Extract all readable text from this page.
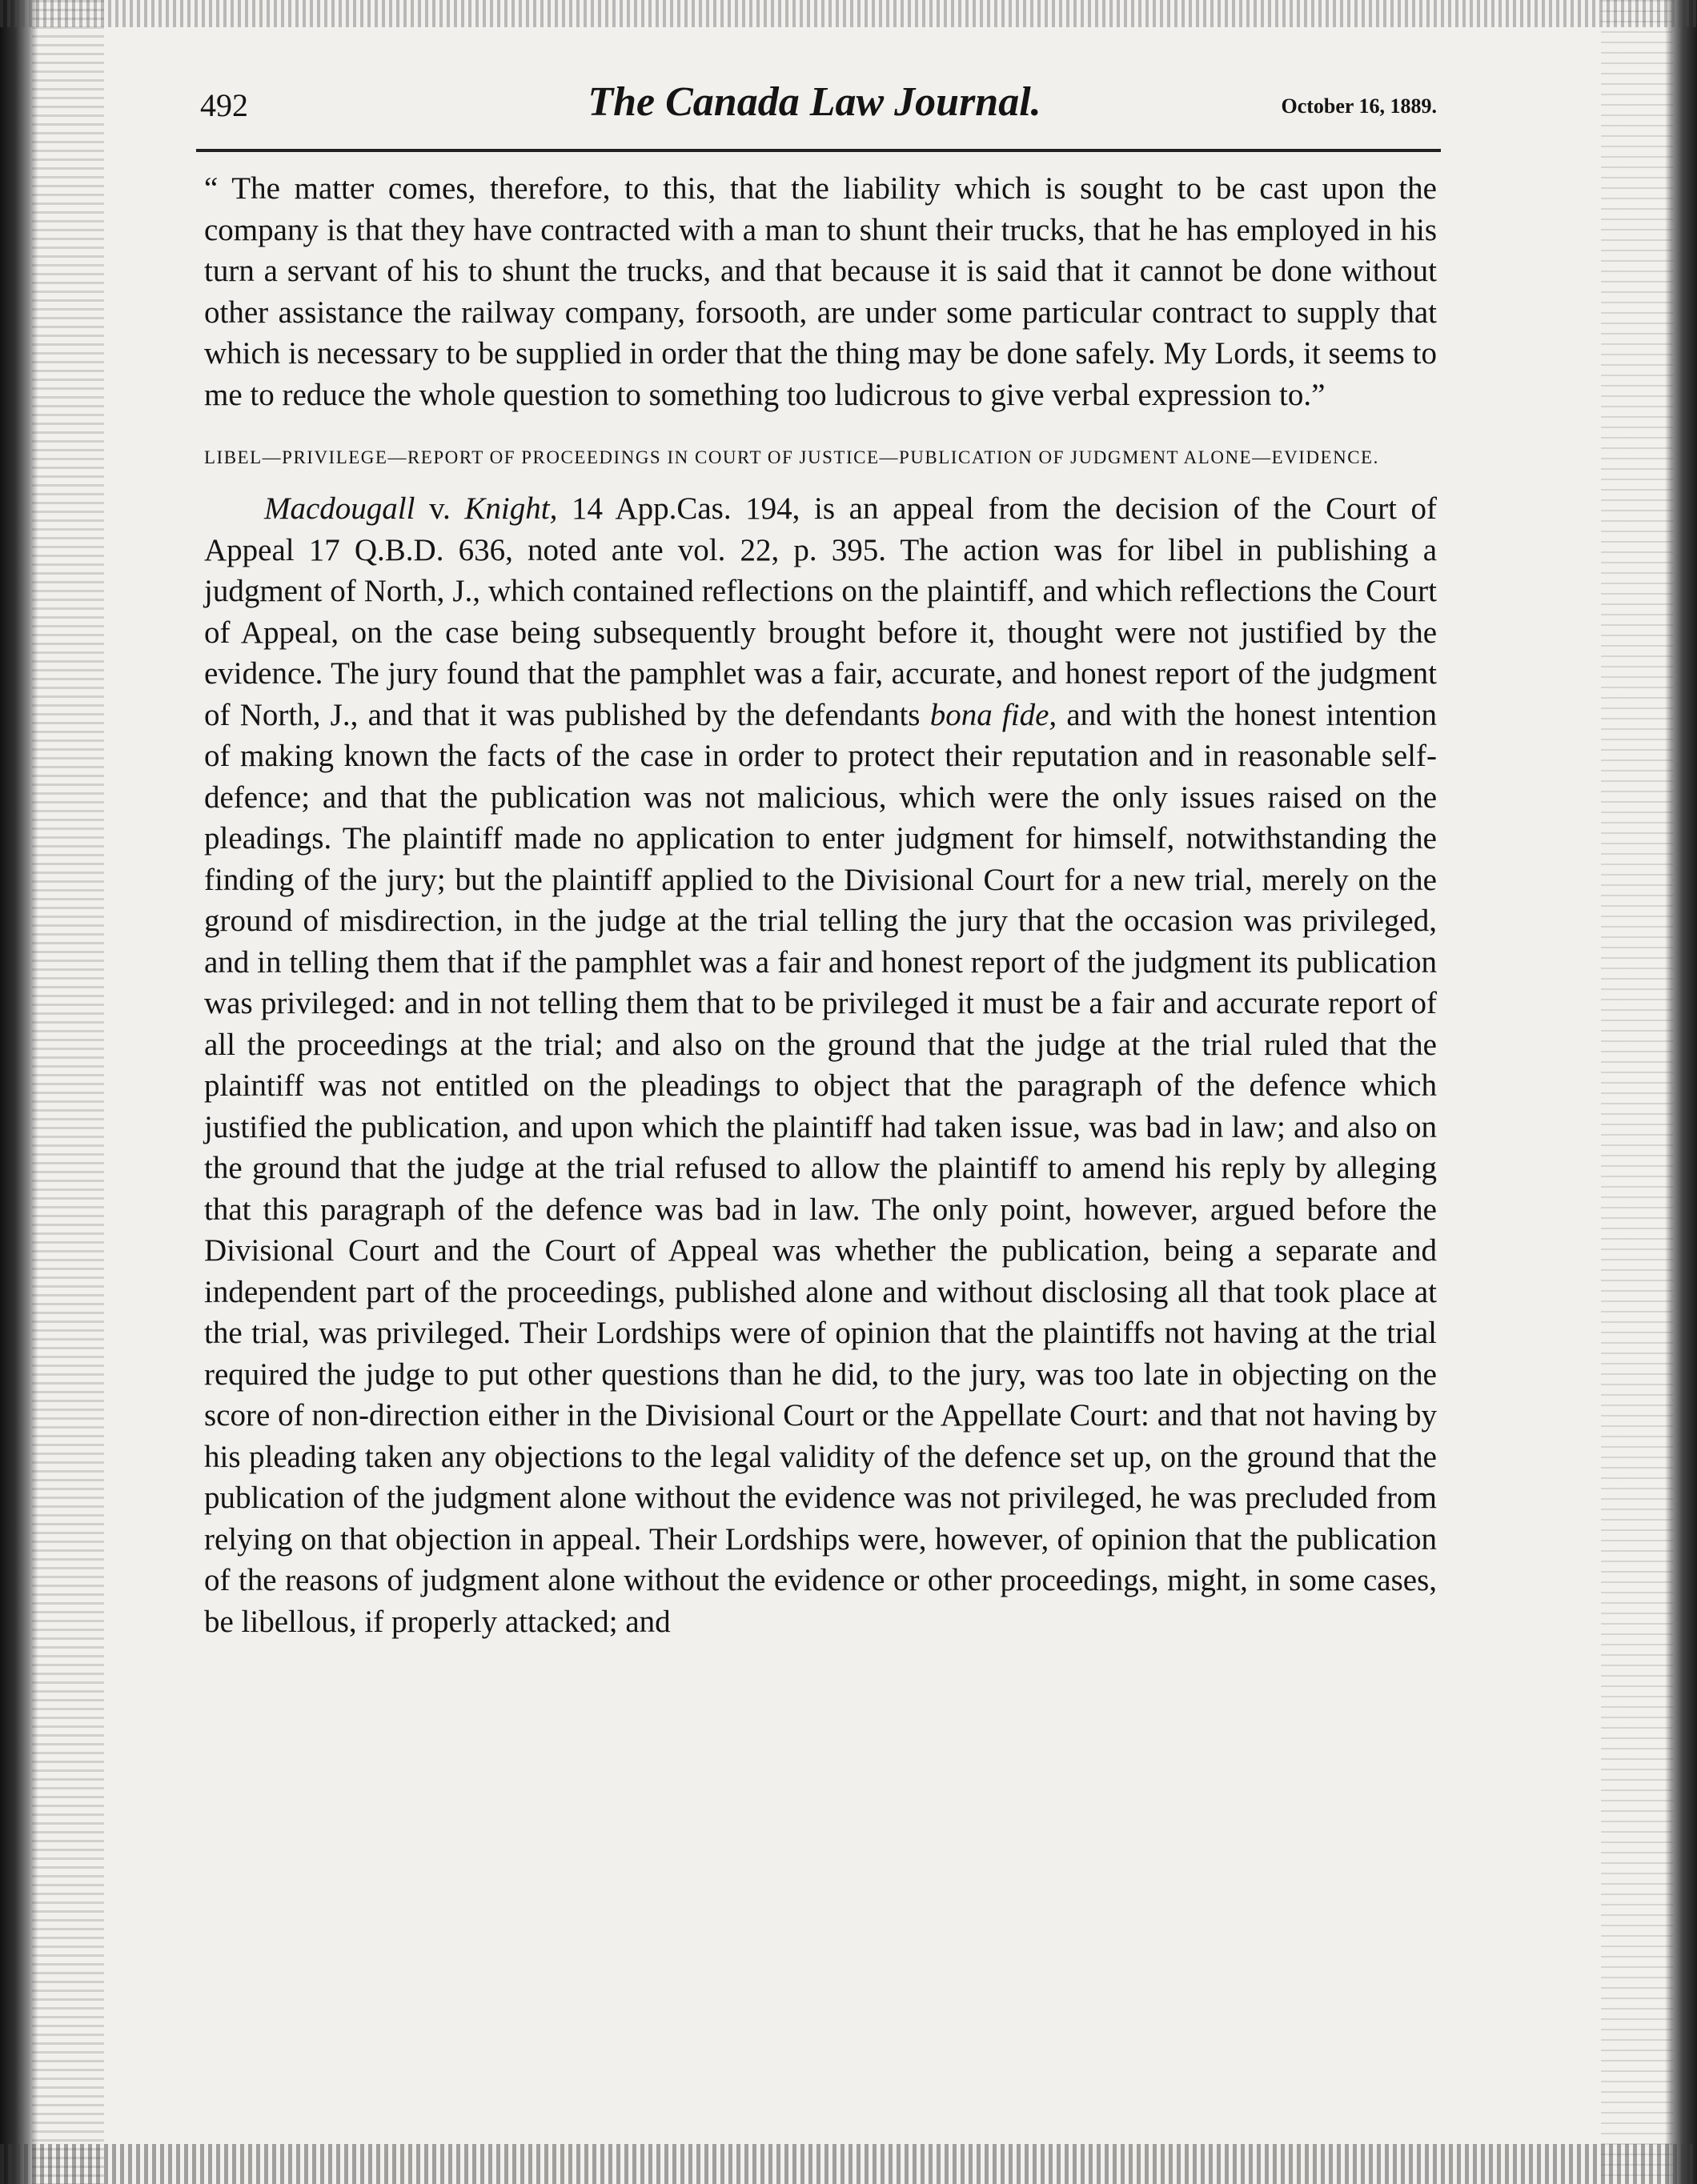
492	The Canada Law Journal.	October 16, 1889.

“ The matter comes, therefore, to this, that the liability which is sought to be cast upon the company is that they have contracted with a man to shunt their trucks, that he has employed in his turn a servant of his to shunt the trucks, and that because it is said that it cannot be done without other assistance the railway company, forsooth, are under some particular contract to supply that which is necessary to be supplied in order that the thing may be done safely. My Lords, it seems to me to reduce the whole question to something too ludicrous to give verbal expression to.”

LIBEL—PRIVILEGE—REPORT OF PROCEEDINGS IN COURT OF JUSTICE—PUBLICATION OF JUDGMENT ALONE—EVIDENCE.

Macdougall v. Knight, 14 App.Cas. 194, is an appeal from the decision of the Court of Appeal 17 Q.B.D. 636, noted ante vol. 22, p. 395. The action was for libel in publishing a judgment of North, J., which contained reflections on the plaintiff, and which reflections the Court of Appeal, on the case being subsequently brought before it, thought were not justified by the evidence. The jury found that the pamphlet was a fair, accurate, and honest report of the judgment of North, J., and that it was published by the defendants bona fide, and with the honest intention of making known the facts of the case in order to protect their reputation and in reasonable self-defence; and that the publication was not malicious, which were the only issues raised on the pleadings. The plaintiff made no application to enter judgment for himself, notwithstanding the finding of the jury; but the plaintiff applied to the Divisional Court for a new trial, merely on the ground of misdirection, in the judge at the trial telling the jury that the occasion was privileged, and in telling them that if the pamphlet was a fair and honest report of the judgment its publication was privileged: and in not telling them that to be privileged it must be a fair and accurate report of all the proceedings at the trial; and also on the ground that the judge at the trial ruled that the plaintiff was not entitled on the pleadings to object that the paragraph of the defence which justified the publication, and upon which the plaintiff had taken issue, was bad in law; and also on the ground that the judge at the trial refused to allow the plaintiff to amend his reply by alleging that this paragraph of the defence was bad in law. The only point, however, argued before the Divisional Court and the Court of Appeal was whether the publication, being a separate and independent part of the proceedings, published alone and without disclosing all that took place at the trial, was privileged. Their Lordships were of opinion that the plaintiffs not having at the trial required the judge to put other questions than he did, to the jury, was too late in objecting on the score of non-direction either in the Divisional Court or the Appellate Court: and that not having by his pleading taken any objections to the legal validity of the defence set up, on the ground that the publication of the judgment alone without the evidence was not privileged, he was precluded from relying on that objection in appeal. Their Lordships were, however, of opinion that the publication of the reasons of judgment alone without the evidence or other proceedings, might, in some cases, be libellous, if properly attacked; and
